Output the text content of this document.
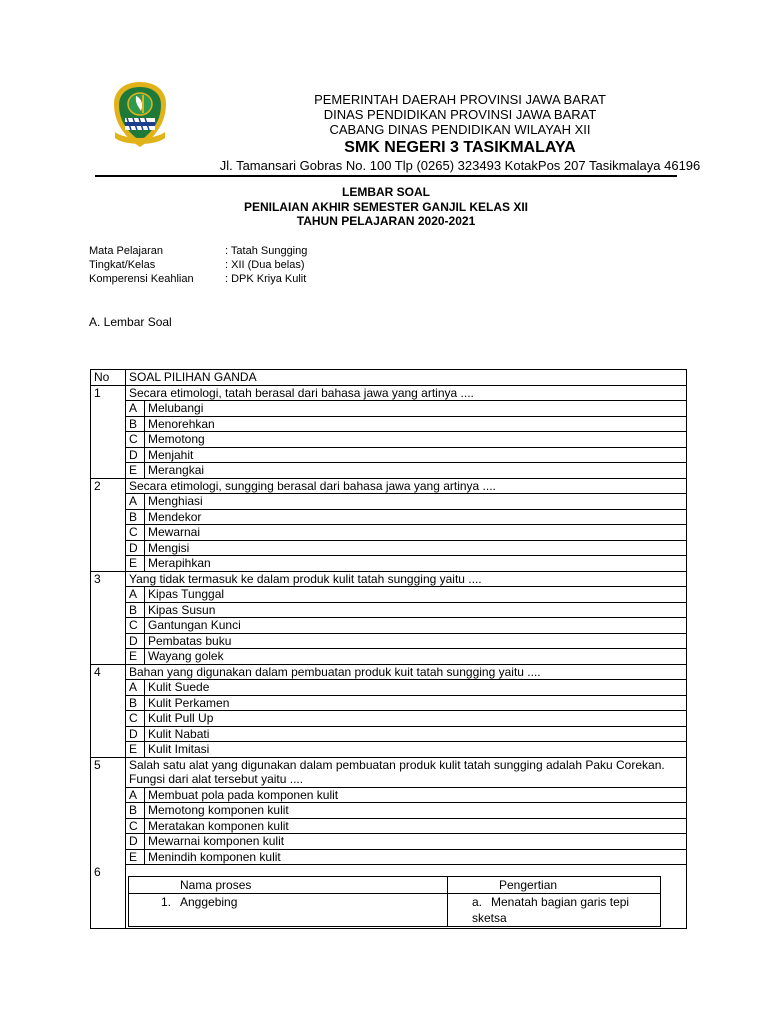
PEMERINTAH DAERAH PROVINSI JAWA BARAT
DINAS PENDIDIKAN PROVINSI JAWA BARAT
CABANG DINAS PENDIDIKAN WILAYAH XII
SMK NEGERI 3 TASIKMALAYA
Jl. Tamansari Gobras No. 100 Tlp (0265) 323493 KotakPos 207 Tasikmalaya 46196
LEMBAR SOAL
PENILAIAN AKHIR SEMESTER GANJIL KELAS XII
TAHUN PELAJARAN 2020-2021
Mata Pelajaran	: Tatah Sungging
Tingkat/Kelas	: XII (Dua belas)
Komperensi Keahlian	: DPK Kriya Kulit
A. Lembar Soal
No	SOAL PILIHAN GANDA
1	Secara etimologi, tatah berasal dari bahasa jawa yang artinya ....
	A	Melubangi
	B	Menorehkan
	C	Memotong
	D	Menjahit
	E	Merangkai
2	Secara etimologi, sungging berasal dari bahasa jawa yang artinya ....
	A	Menghiasi
	B	Mendekor
	C	Mewarnai
	D	Mengisi
	E	Merapihkan
3	Yang tidak termasuk ke dalam produk kulit tatah sungging yaitu ....
	A	Kipas Tunggal
	B	Kipas Susun
	C	Gantungan Kunci
	D	Pembatas buku
	E	Wayang golek
4	Bahan yang digunakan dalam pembuatan produk kuit tatah sungging yaitu ....
	A	Kulit Suede
	B	Kulit Perkamen
	C	Kulit Pull Up
	D	Kulit Nabati
	E	Kulit Imitasi
5	Salah satu alat yang digunakan dalam pembuatan produk kulit tatah sungging adalah Paku Corekan. Fungsi dari alat tersebut yaitu ....
	A	Membuat pola pada komponen kulit
	B	Memotong komponen kulit
	C	Meratakan komponen kulit
	D	Mewarnai komponen kulit
	E	Menindih komponen kulit
6	
Nama proses	Pengertian
1. Anggebing	a. Menatah bagian garis tepi sketsa
